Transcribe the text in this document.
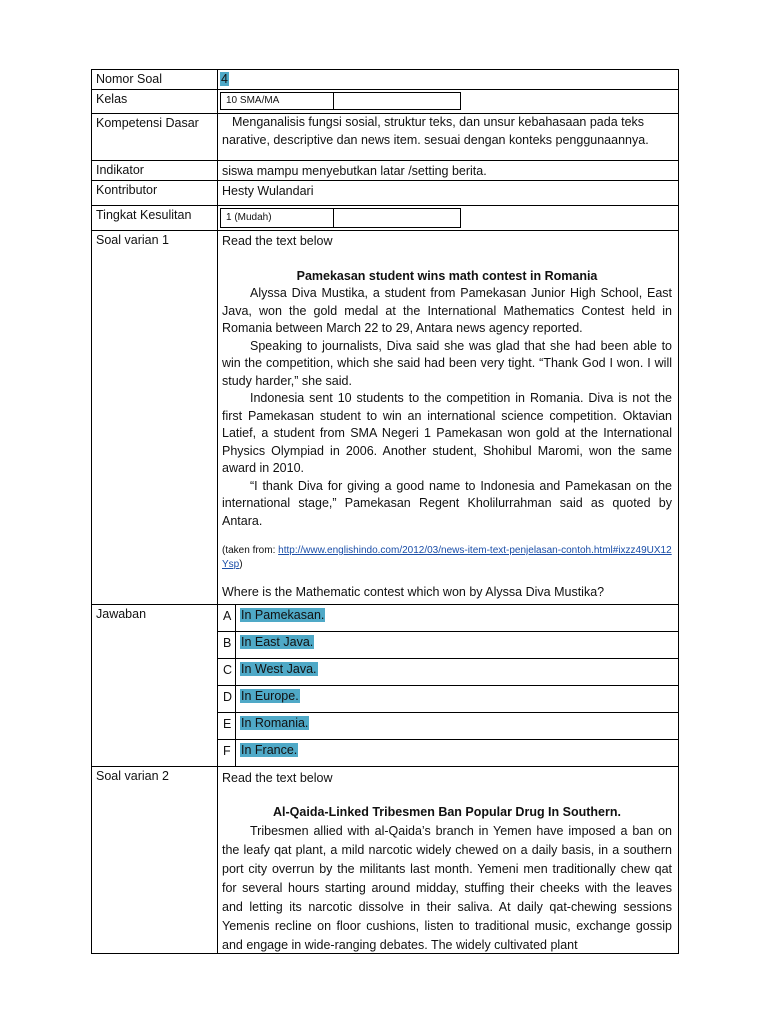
Nomor Soal	4
Kelas	10 SMA/MA
Kompetensi Dasar	Menganalisis fungsi sosial, struktur teks, dan unsur kebahasaan pada teks narative, descriptive dan news item. sesuai dengan konteks penggunaannya.
Indikator	siswa mampu menyebutkan latar /setting berita.
Kontributor	Hesty Wulandari
Tingkat Kesulitan	1 (Mudah)
Soal varian 1	Read the text below

Pamekasan student wins math contest in Romania

Alyssa Diva Mustika, a student from Pamekasan Junior High School, East Java, won the gold medal at the International Mathematics Contest held in Romania between March 22 to 29, Antara news agency reported.

Speaking to journalists, Diva said she was glad that she had been able to win the competition, which she said had been very tight. “Thank God I won. I will study harder,” she said.

Indonesia sent 10 students to the competition in Romania. Diva is not the first Pamekasan student to win an international science competition. Oktavian Latief, a student from SMA Negeri 1 Pamekasan won gold at the International Physics Olympiad in 2006. Another student, Shohibul Maromi, won the same award in 2010.

“I thank Diva for giving a good name to Indonesia and Pamekasan on the international stage,” Pamekasan Regent Kholilurrahman said as quoted by Antara.

(taken from: http://www.englishindo.com/2012/03/news-item-text-penjelasan-contoh.html#ixzz49UX12Ysp)

Where is the Mathematic contest which won by Alyssa Diva Mustika?

Jawaban	A In Pamekasan.
B In East Java.
C In West Java.
D In Europe.
E In Romania.
F In France.
Soal varian 2	Read the text below

Al-Qaida-Linked Tribesmen Ban Popular Drug In Southern.

Tribesmen allied with al-Qaida’s branch in Yemen have imposed a ban on the leafy qat plant, a mild narcotic widely chewed on a daily basis, in a southern port city overrun by the militants last month. Yemeni men traditionally chew qat for several hours starting around midday, stuffing their cheeks with the leaves and letting its narcotic dissolve in their saliva. At daily qat-chewing sessions Yemenis recline on floor cushions, listen to traditional music, exchange gossip and engage in wide-ranging debates. The widely cultivated plant
